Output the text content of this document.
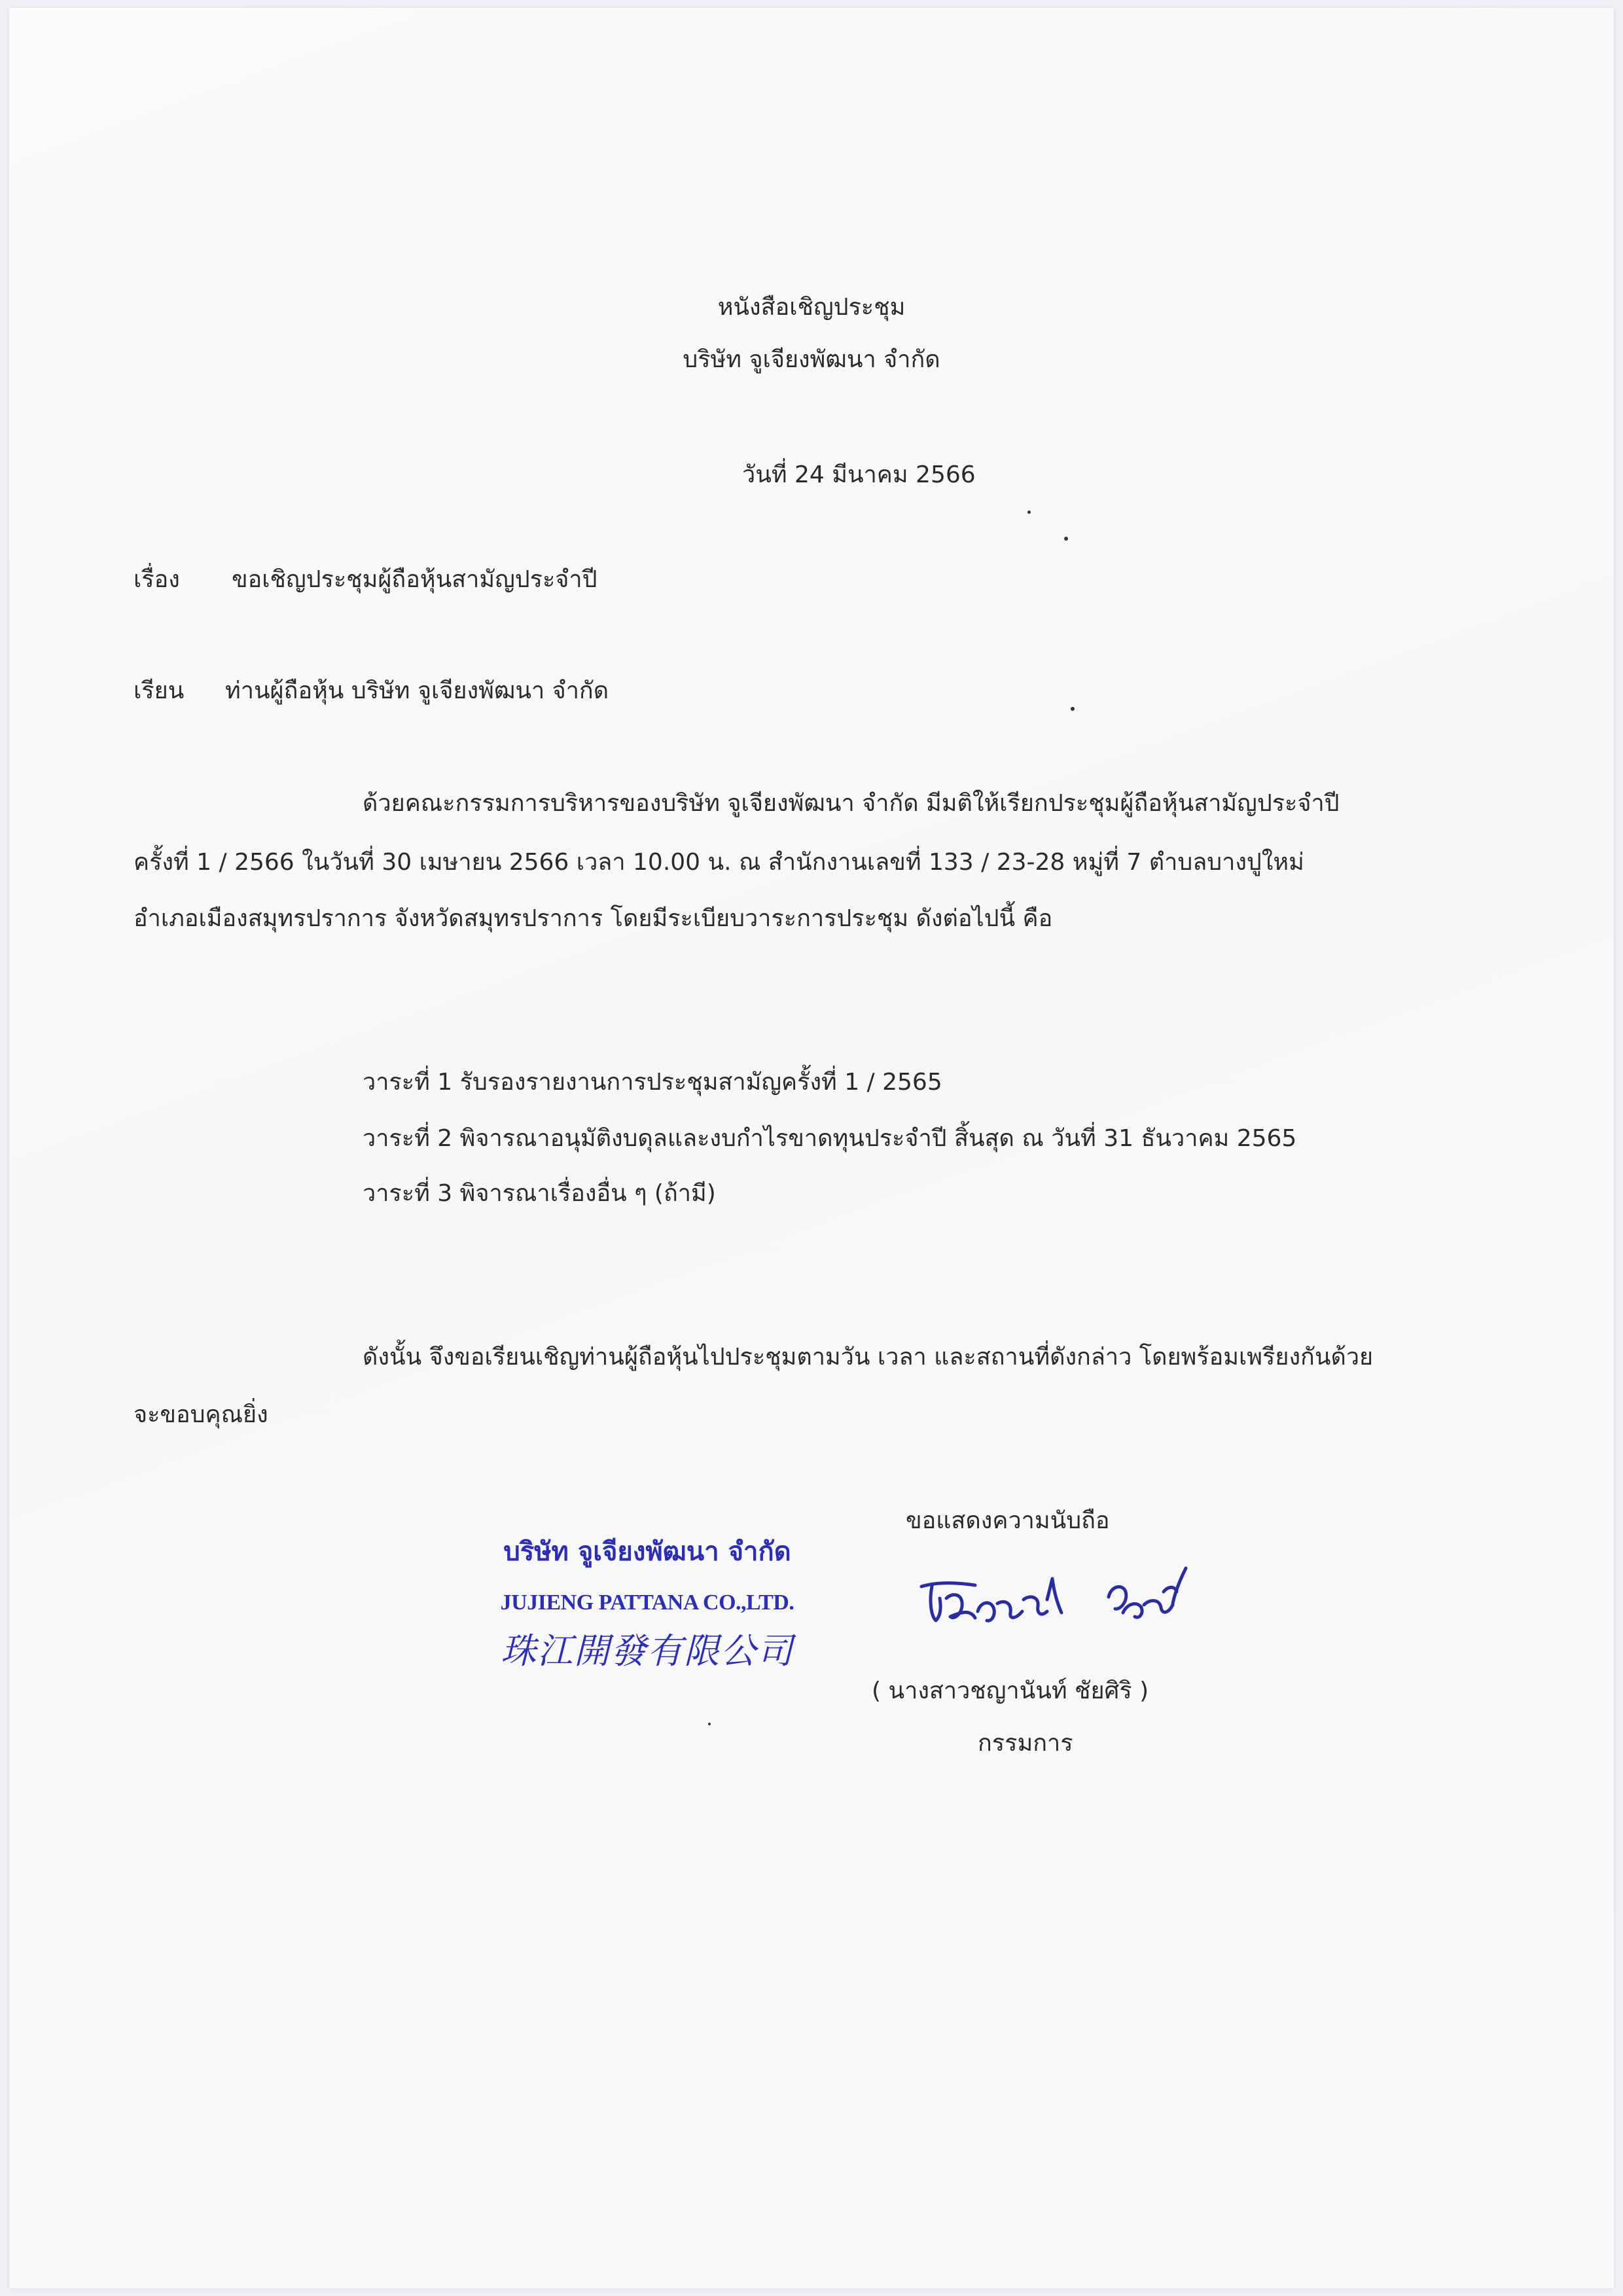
หนังสือเชิญประชุม
บริษัท จูเจียงพัฒนา จำกัด
วันที่ 24 มีนาคม 2566
เรื่อง ขอเชิญประชุมผู้ถือหุ้นสามัญประจำปี
เรียน ท่านผู้ถือหุ้น บริษัท จูเจียงพัฒนา จำกัด
ด้วยคณะกรรมการบริหารของบริษัท จูเจียงพัฒนา จำกัด มีมติให้เรียกประชุมผู้ถือหุ้นสามัญประจำปี
ครั้งที่ 1 / 2566 ในวันที่ 30 เมษายน 2566 เวลา 10.00 น. ณ สำนักงานเลขที่ 133 / 23-28 หมู่ที่ 7 ตำบลบางปูใหม่
อำเภอเมืองสมุทรปราการ จังหวัดสมุทรปราการ โดยมีระเบียบวาระการประชุม ดังต่อไปนี้ คือ
วาระที่ 1 รับรองรายงานการประชุมสามัญครั้งที่ 1 / 2565
วาระที่ 2 พิจารณาอนุมัติงบดุลและงบกำไรขาดทุนประจำปี สิ้นสุด ณ วันที่ 31 ธันวาคม 2565
วาระที่ 3 พิจารณาเรื่องอื่น ๆ (ถ้ามี)
ดังนั้น จึงขอเรียนเชิญท่านผู้ถือหุ้นไปประชุมตามวัน เวลา และสถานที่ดังกล่าว โดยพร้อมเพรียงกันด้วย
จะขอบคุณยิ่ง
ขอแสดงความนับถือ
บริษัท จูเจียงพัฒนา จำกัด
JUJIENG PATTANA CO.,LTD.
珠江開發有限公司
( นางสาวชญานันท์ ชัยศิริ )
กรรมการ
